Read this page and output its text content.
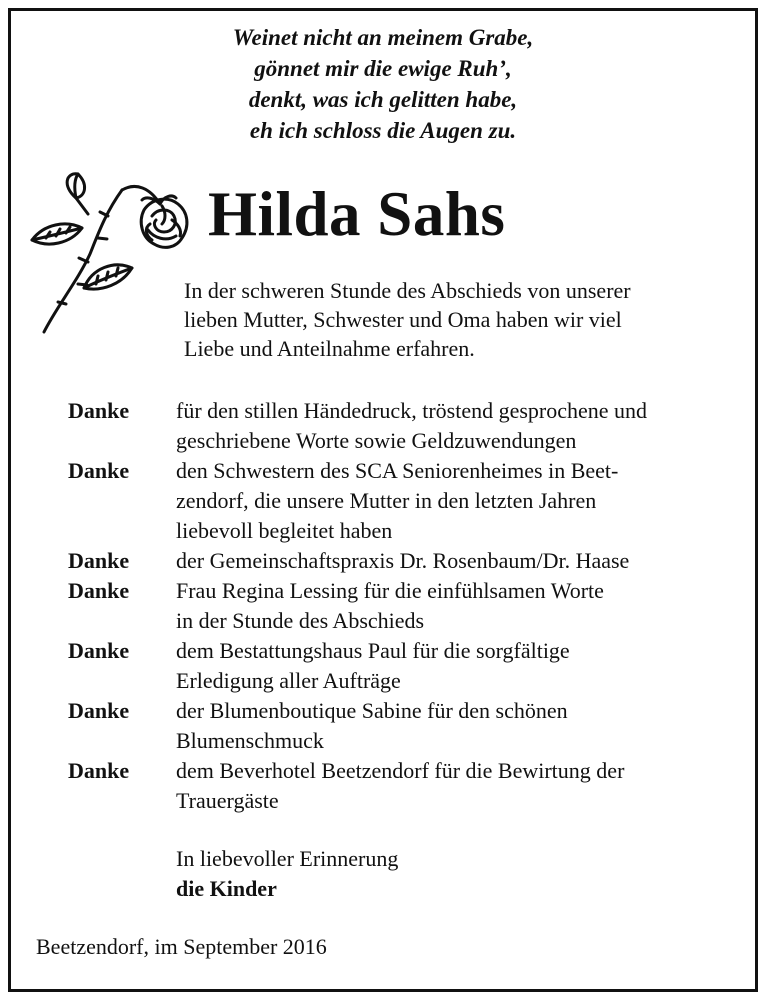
Weinet nicht an meinem Grabe,
gönnet mir die ewige Ruh’,
denkt, was ich gelitten habe,
eh ich schloss die Augen zu.
Hilda Sahs
In der schweren Stunde des Abschieds von unserer
lieben Mutter, Schwester und Oma haben wir viel
Liebe und Anteilnahme erfahren.
Danke für den stillen Händedruck, tröstend gesprochene und
geschriebene Worte sowie Geldzuwendungen
Danke den Schwestern des SCA Seniorenheimes in Beet-
zendorf, die unsere Mutter in den letzten Jahren
liebevoll begleitet haben
Danke der Gemeinschaftspraxis Dr. Rosenbaum/Dr. Haase
Danke Frau Regina Lessing für die einfühlsamen Worte
in der Stunde des Abschieds
Danke dem Bestattungshaus Paul für die sorgfältige
Erledigung aller Aufträge
Danke der Blumenboutique Sabine für den schönen
Blumenschmuck
Danke dem Beverhotel Beetzendorf für die Bewirtung der
Trauergäste
In liebevoller Erinnerung
die Kinder
Beetzendorf, im September 2016
